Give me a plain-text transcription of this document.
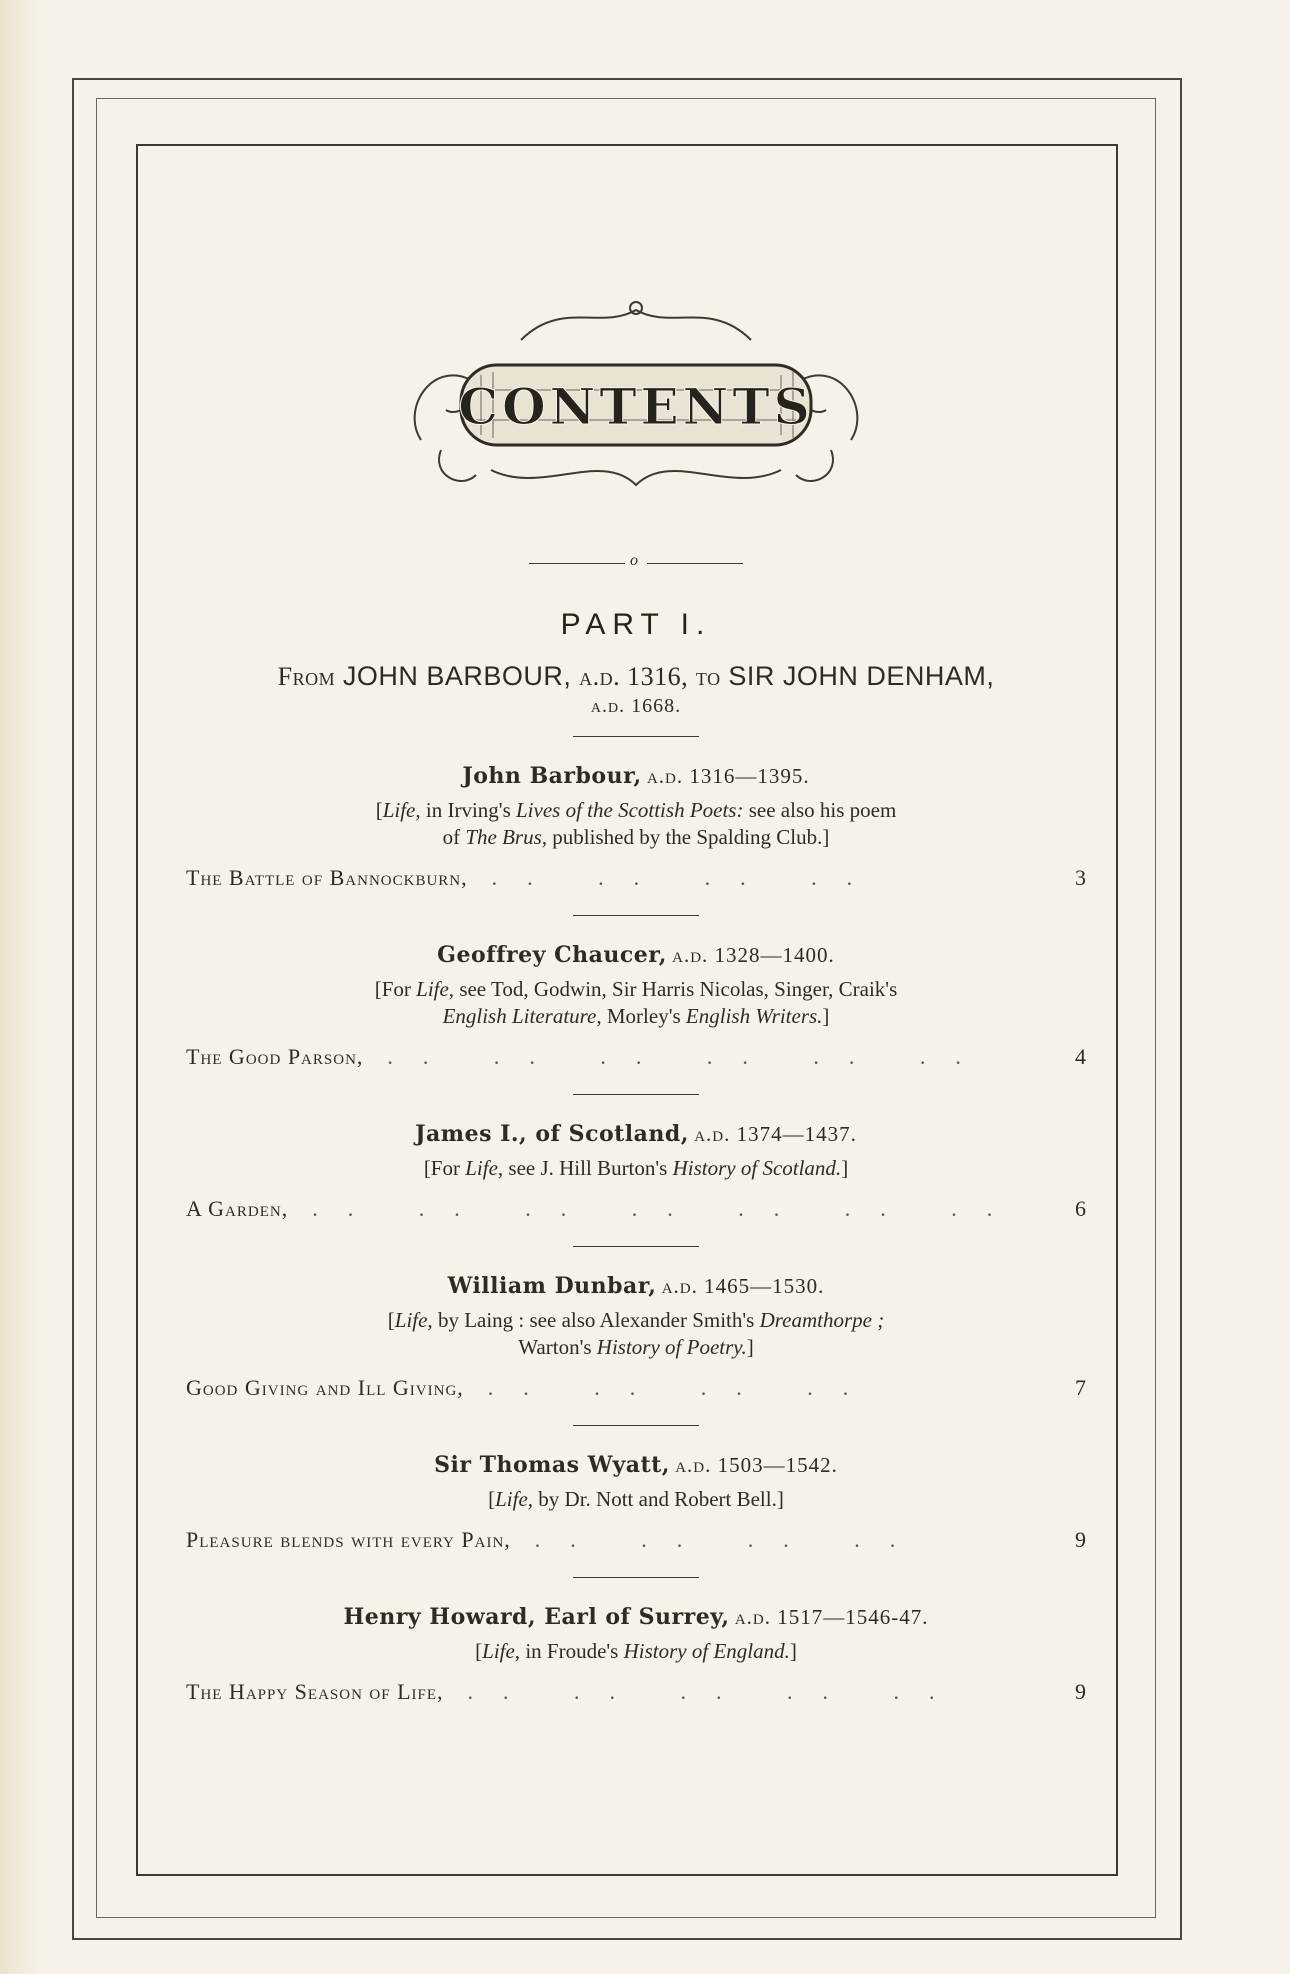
CONTENTS
o
PART I.
From JOHN BARBOUR, a.d. 1316, to SIR JOHN DENHAM,
a.d. 1668.
John Barbour, a.d. 1316—1395.
[Life, in Irving's Lives of the Scottish Poets: see also his poem
of The Brus, published by the Spalding Club.]
The Battle of Bannockburn,	.. .. .. ..	3
Geoffrey Chaucer, a.d. 1328—1400.
[For Life, see Tod, Godwin, Sir Harris Nicolas, Singer, Craik's
English Literature, Morley's English Writers.]
The Good Parson,	.. .. .. .. .. ..	4
James I., of Scotland, a.d. 1374—1437.
[For Life, see J. Hill Burton's History of Scotland.]
A Garden,	.. .. .. .. .. .. ..	6
William Dunbar, a.d. 1465—1530.
[Life, by Laing : see also Alexander Smith's Dreamthorpe ;
Warton's History of Poetry.]
Good Giving and Ill Giving,	.. .. .. ..	7
Sir Thomas Wyatt, a.d. 1503—1542.
[Life, by Dr. Nott and Robert Bell.]
Pleasure blends with every Pain,	.. .. .. ..	9
Henry Howard, Earl of Surrey, a.d. 1517—1546-47.
[Life, in Froude's History of England.]
The Happy Season of Life,	.. .. .. .. ..	9
